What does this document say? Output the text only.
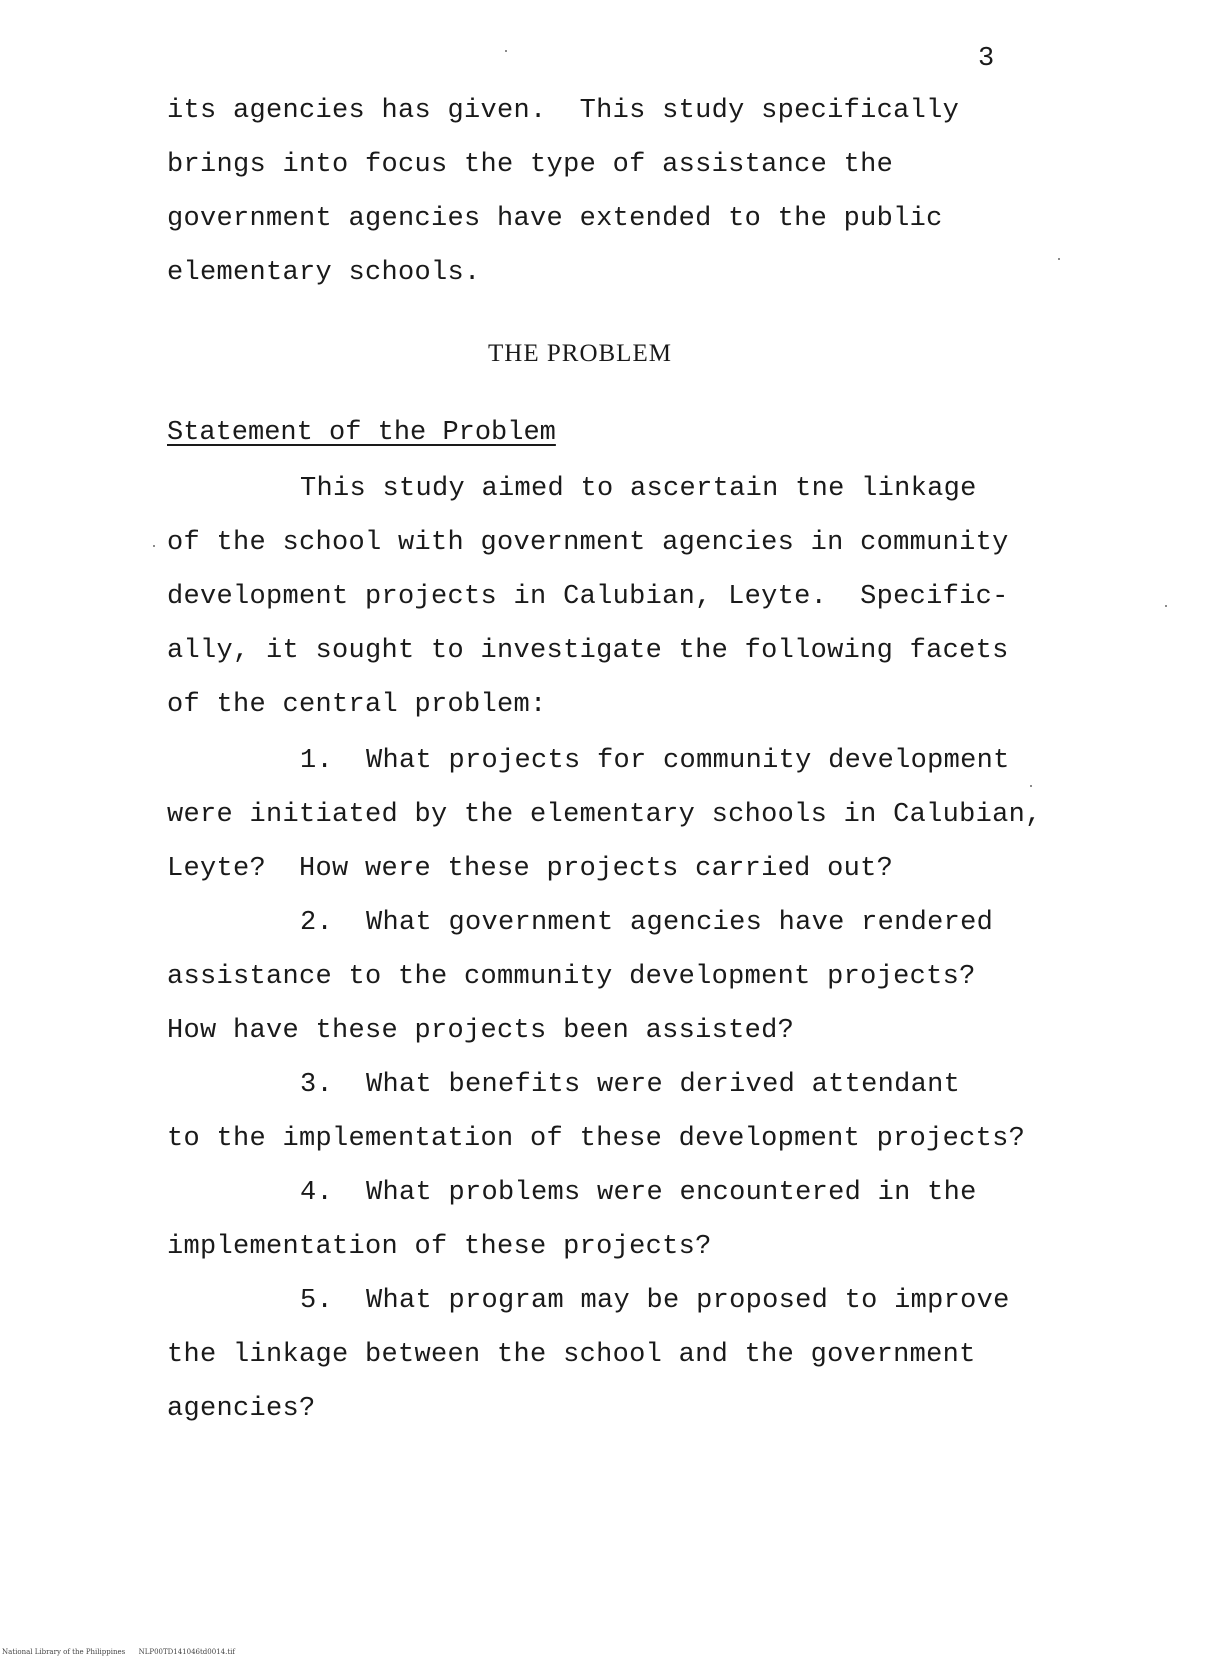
3
its agencies has given.  This study specifically
brings into focus the type of assistance the
government agencies have extended to the public
elementary schools.
THE PROBLEM
Statement of the Problem
This study aimed to ascertain tne linkage
of the school with government agencies in community
development projects in Calubian, Leyte.  Specific-
ally, it sought to investigate the following facets
of the central problem:
1.  What projects for community development
were initiated by the elementary schools in Calubian,
Leyte?  How were these projects carried out?
2.  What government agencies have rendered
assistance to the community development projects?
How have these projects been assisted?
3.  What benefits were derived attendant
to the implementation of these development projects?
4.  What problems were encountered in the
implementation of these projects?
5.  What program may be proposed to improve
the linkage between the school and the government
agencies?
National Library of the Philippines NLP00TD141046td0014.tif
